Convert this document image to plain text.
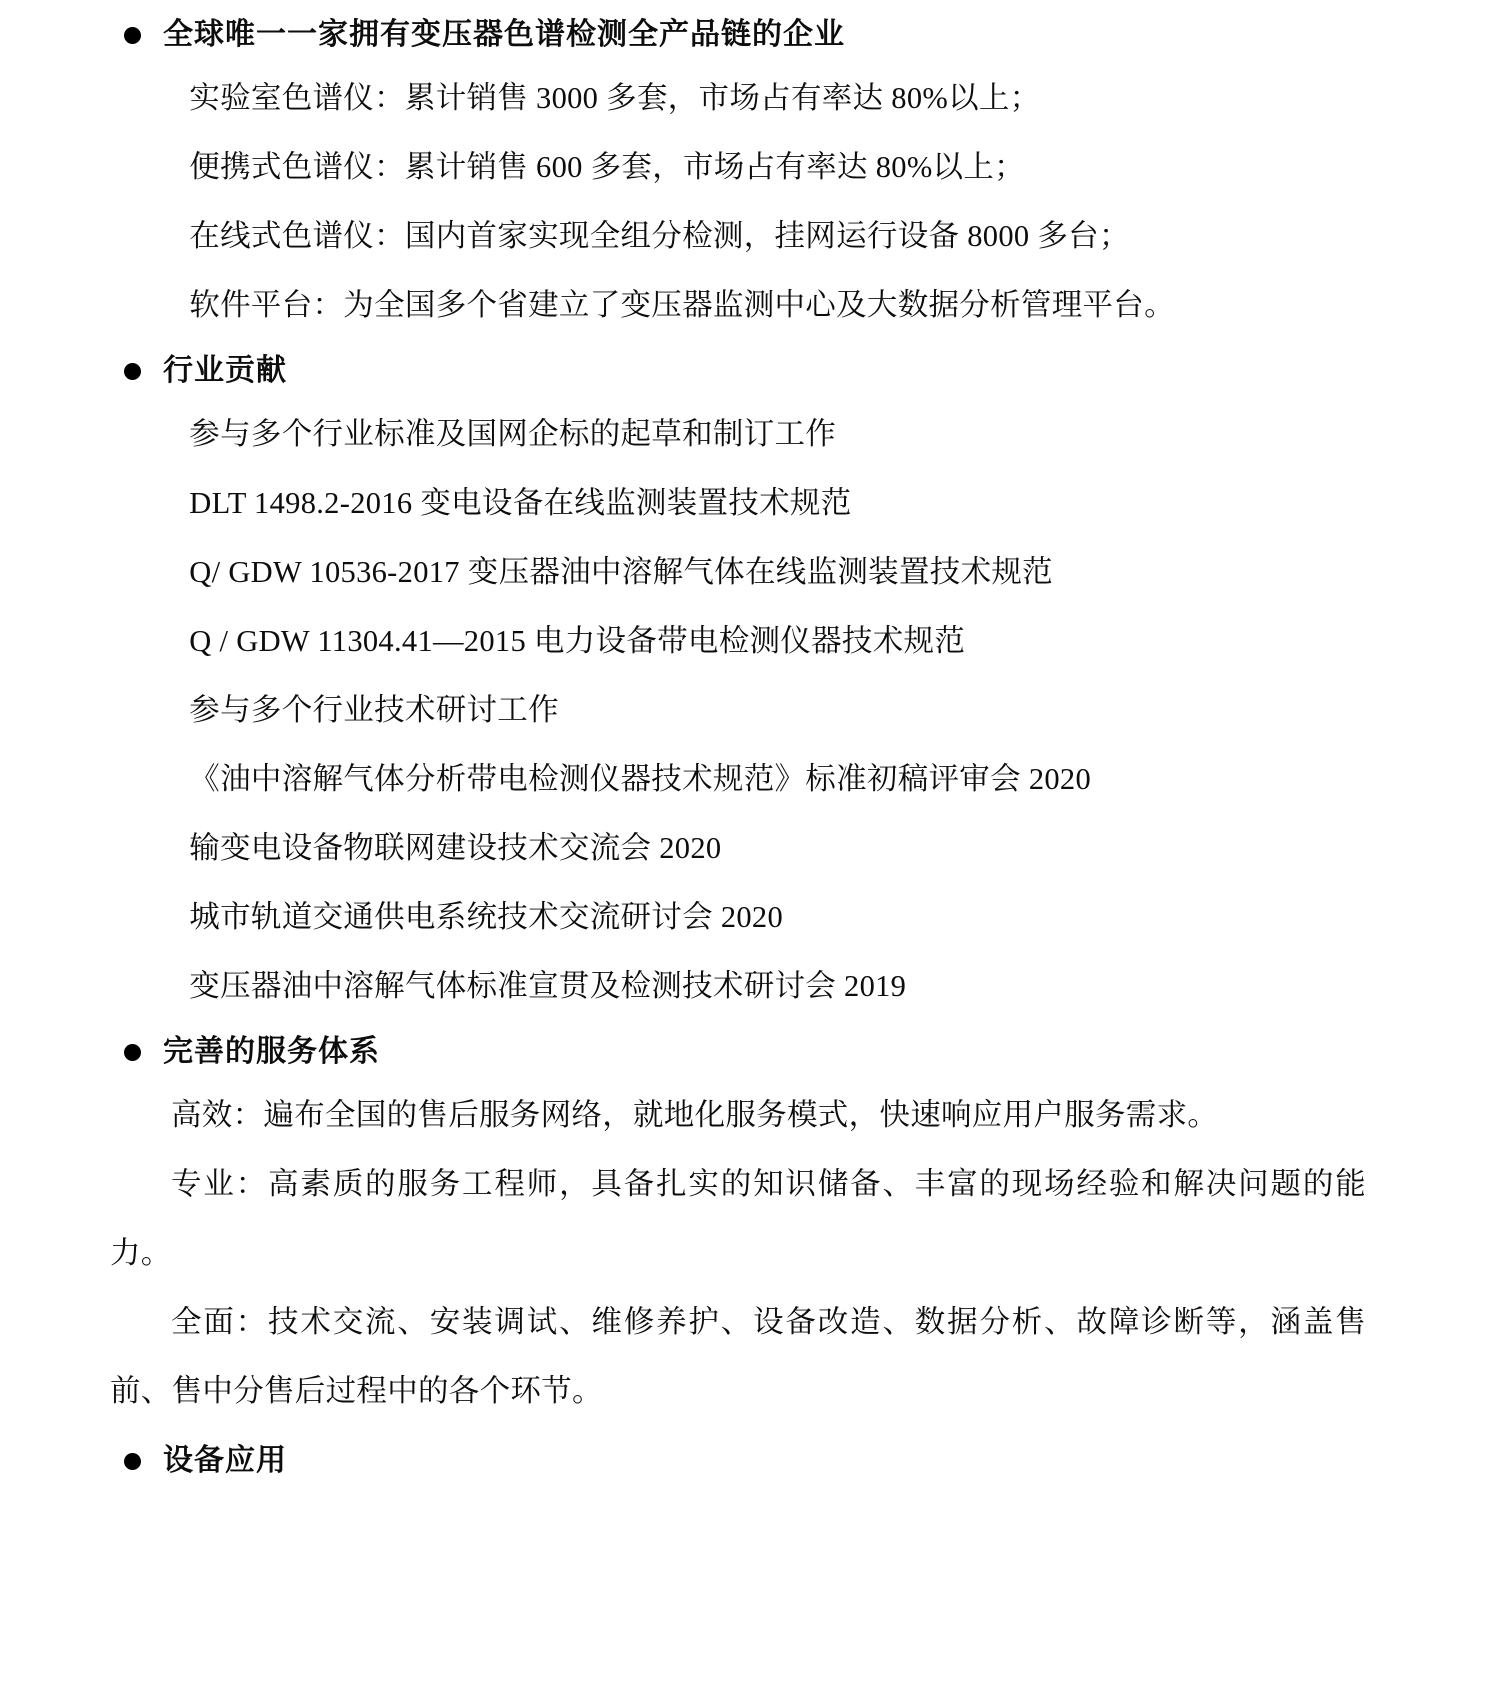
全球唯一一家拥有变压器色谱检测全产品链的企业

实验室色谱仪：累计销售 3000 多套，市场占有率达 80%以上；

便携式色谱仪：累计销售 600 多套，市场占有率达 80%以上；

在线式色谱仪：国内首家实现全组分检测，挂网运行设备 8000 多台；

软件平台：为全国多个省建立了变压器监测中心及大数据分析管理平台。

行业贡献

参与多个行业标准及国网企标的起草和制订工作

DLT 1498.2-2016 变电设备在线监测装置技术规范

Q/ GDW 10536-2017 变压器油中溶解气体在线监测装置技术规范

Q / GDW 11304.41—2015 电力设备带电检测仪器技术规范

参与多个行业技术研讨工作

《油中溶解气体分析带电检测仪器技术规范》标准初稿评审会 2020

输变电设备物联网建设技术交流会 2020

城市轨道交通供电系统技术交流研讨会 2020

变压器油中溶解气体标准宣贯及检测技术研讨会 2019

完善的服务体系

高效：遍布全国的售后服务网络，就地化服务模式，快速响应用户服务需求。

专业：高素质的服务工程师，具备扎实的知识储备、丰富的现场经验和解决问题的能力。

全面：技术交流、安装调试、维修养护、设备改造、数据分析、故障诊断等，涵盖售前、售中分售后过程中的各个环节。

设备应用
